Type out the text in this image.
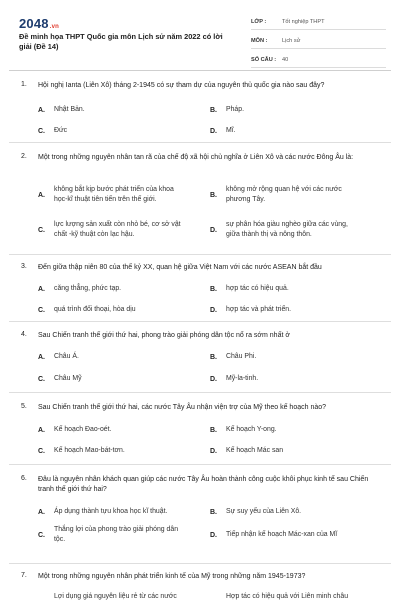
2048.vn
Đề minh họa THPT Quốc gia môn Lịch sử năm 2022 có lời giải (Đề 14)
LỚP :	Tốt nghiệp THPT
MÔN :	Lịch sử
SỐ CÂU :	40
1. Hội nghị Ianta (Liên Xô) tháng 2-1945 có sự tham dự của nguyên thủ quốc gia nào sau đây?
A.	Nhật Bản.	B.	Pháp.
C.	Đức	D.	Mĩ.
2. Một trong những nguyên nhân tan rã của chế độ xã hội chủ nghĩa ở Liên Xô và các nước Đông Âu là:
A.
không bắt kịp bước phát triển của khoa học-kĩ thuật tiên tiến trên thế giới.
B.
không mở rộng quan hệ với các nước phương Tây.
C.
lực lượng sản xuất còn nhỏ bé, cơ sở vật chất -kỹ thuật còn lạc hậu.
D.
sự phân hóa giàu nghèo giữa các vùng, giữa thành thị và nông thôn.
3. Đến giữa thập niên 80 của thế kỷ XX, quan hệ giữa Việt Nam với các nước ASEAN bắt đầu
A.	căng thẳng, phức tạp.	B.	hợp tác có hiệu quả.
C.	quá trình đối thoại, hòa dịu	D.	hợp tác và phát triển.
4. Sau Chiến tranh thế giới thứ hai, phong trào giải phóng dân tộc nổ ra sớm nhất ở
A.	Châu Á.	B.	Châu Phi.
C.	Châu Mỹ	D.	Mỹ-la-tinh.
5. Sau Chiến tranh thế giới thứ hai, các nước Tây Âu nhận viện trợ của Mỹ theo kế hoạch nào?
A.	Kế hoạch Đao-oét.	B.	Kế hoạch Y-ong.
C.	Kế hoạch Mao-bát-tơn.	D.	Kế hoạch Mác san
6. Đâu là nguyên nhân khách quan giúp các nước Tây Âu hoàn thành công cuộc khôi phục kinh tế sau Chiến tranh thế giới thứ hai?
A.	Áp dụng thành tựu khoa học kĩ thuật.	B.	Sự suy yếu của Liên Xô.
C.
Thắng lợi của phong trào giải phóng dân tộc.
D.	Tiếp nhận kế hoạch Mác-xan của Mĩ
7. Một trong những nguyên nhân phát triển kinh tế của Mỹ trong những năm 1945-1973?
Lợi dụng giá nguyên liệu rẻ từ các nước	Hợp tác có hiệu quả với Liên minh châu
